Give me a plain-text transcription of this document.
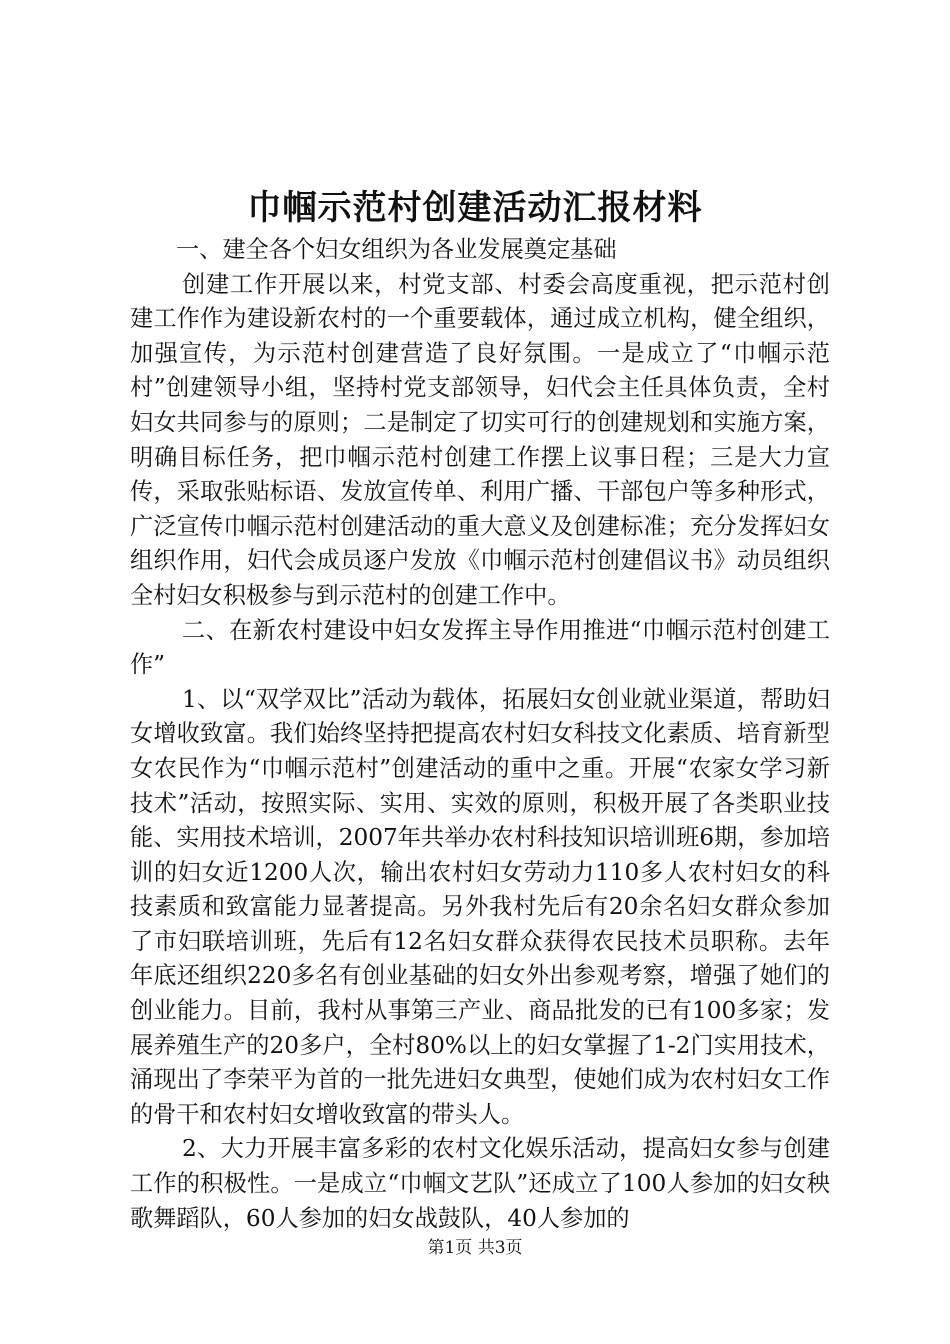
巾帼示范村创建活动汇报材料

一、建全各个妇女组织为各业发展奠定基础

创建工作开展以来，村党支部、村委会高度重视，把示范村创建工作作为建设新农村的一个重要载体，通过成立机构，健全组织，加强宣传，为示范村创建营造了良好氛围。一是成立了“巾帼示范村”创建领导小组，坚持村党支部领导，妇代会主任具体负责，全村妇女共同参与的原则；二是制定了切实可行的创建规划和实施方案，明确目标任务，把巾帼示范村创建工作摆上议事日程；三是大力宣传，采取张贴标语、发放宣传单、利用广播、干部包户等多种形式，广泛宣传巾帼示范村创建活动的重大意义及创建标准；充分发挥妇女组织作用，妇代会成员逐户发放《巾帼示范村创建倡议书》动员组织全村妇女积极参与到示范村的创建工作中。

二、在新农村建设中妇女发挥主导作用推进“巾帼示范村创建工作”

1、以“双学双比”活动为载体，拓展妇女创业就业渠道，帮助妇女增收致富。我们始终坚持把提高农村妇女科技文化素质、培育新型女农民作为“巾帼示范村”创建活动的重中之重。开展“农家女学习新技术”活动，按照实际、实用、实效的原则，积极开展了各类职业技能、实用技术培训，2007年共举办农村科技知识培训班6期，参加培训的妇女近1200人次，输出农村妇女劳动力110多人农村妇女的科技素质和致富能力显著提高。另外我村先后有20余名妇女群众参加了市妇联培训班，先后有12名妇女群众获得农民技术员职称。去年年底还组织220多名有创业基础的妇女外出参观考察，增强了她们的创业能力。目前，我村从事第三产业、商品批发的已有100多家；发展养殖生产的20多户，全村80%以上的妇女掌握了1-2门实用技术，涌现出了李荣平为首的一批先进妇女典型，使她们成为农村妇女工作的骨干和农村妇女增收致富的带头人。

2、大力开展丰富多彩的农村文化娱乐活动，提高妇女参与创建工作的积极性。一是成立“巾帼文艺队”还成立了100人参加的妇女秧歌舞蹈队，60人参加的妇女战鼓队，40人参加的

第1页 共3页
